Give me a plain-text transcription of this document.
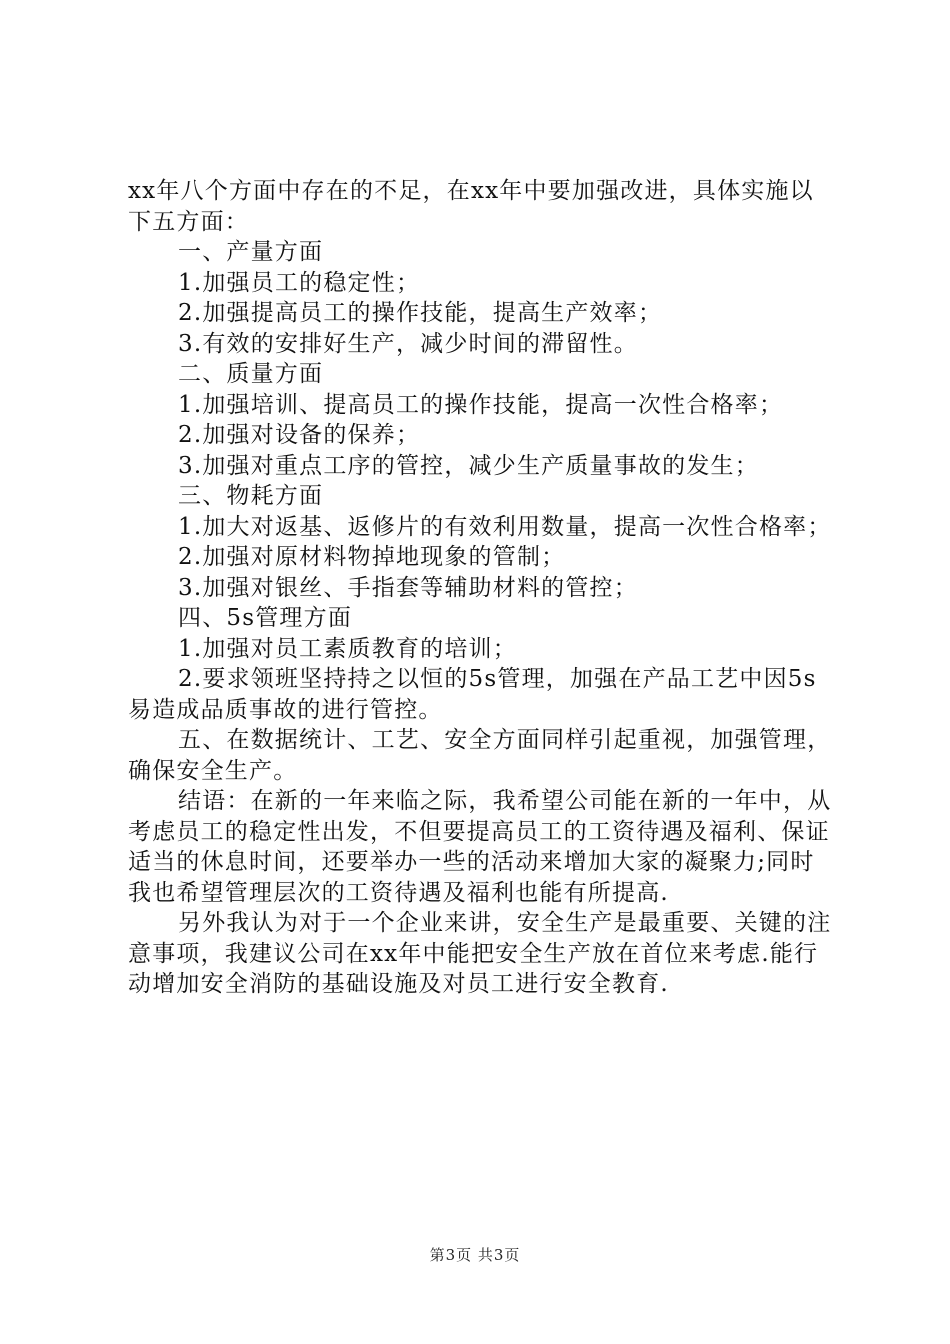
xx年八个方面中存在的不足，在xx年中要加强改进，具体实施以下五方面：

一、产量方面

1.加强员工的稳定性；

2.加强提高员工的操作技能，提高生产效率；

3.有效的安排好生产，减少时间的滞留性。

二、质量方面

1.加强培训、提高员工的操作技能，提高一次性合格率；

2.加强对设备的保养；

3.加强对重点工序的管控，减少生产质量事故的发生；

三、物耗方面

1.加大对返基、返修片的有效利用数量，提高一次性合格率；

2.加强对原材料物掉地现象的管制；

3.加强对银丝、手指套等辅助材料的管控；

四、5s管理方面

1.加强对员工素质教育的培训；

2.要求领班坚持持之以恒的5s管理，加强在产品工艺中因5s易造成品质事故的进行管控。

五、在数据统计、工艺、安全方面同样引起重视，加强管理，确保安全生产。

结语：在新的一年来临之际，我希望公司能在新的一年中，从考虑员工的稳定性出发，不但要提高员工的工资待遇及福利、保证适当的休息时间，还要举办一些的活动来增加大家的凝聚力;同时我也希望管理层次的工资待遇及福利也能有所提高.

另外我认为对于一个企业来讲，安全生产是最重要、关键的注意事项，我建议公司在xx年中能把安全生产放在首位来考虑.能行动增加安全消防的基础设施及对员工进行安全教育.

第3页 共3页
